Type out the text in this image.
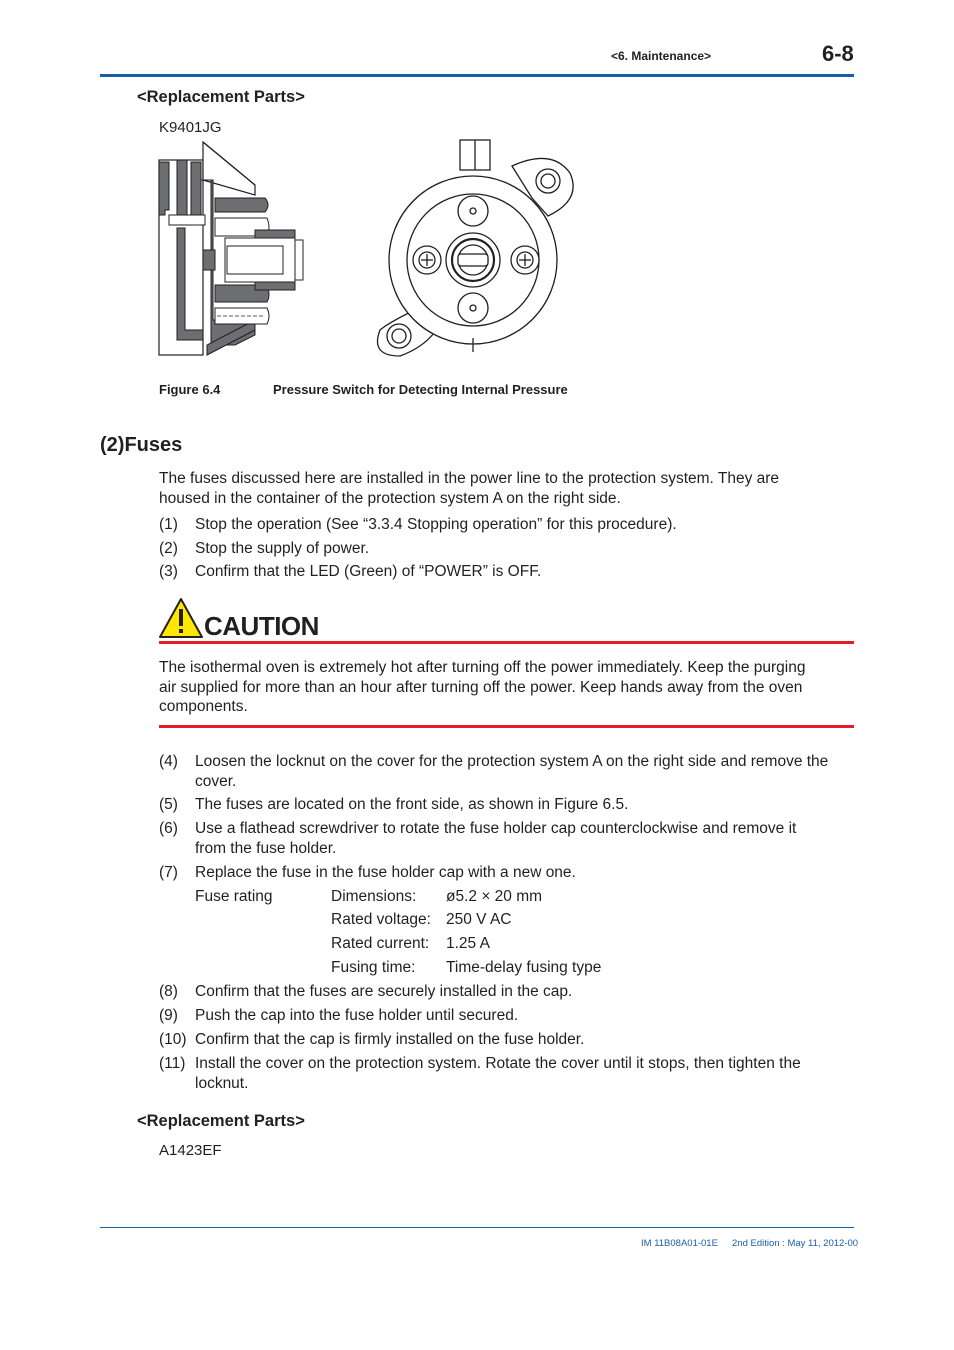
<6. Maintenance>	6-8
<Replacement Parts>
K9401JG
Figure 6.4	Pressure Switch for Detecting Internal Pressure
(2)Fuses
The fuses discussed here are installed in the power line to the protection system. They are
housed in the container of the protection system A on the right side.
(1) Stop the operation (See “3.3.4 Stopping operation” for this procedure).
(2) Stop the supply of power.
(3) Confirm that the LED (Green) of “POWER” is OFF.
CAUTION
The isothermal oven is extremely hot after turning off the power immediately. Keep the purging
air supplied for more than an hour after turning off the power. Keep hands away from the oven
components.
(4) Loosen the locknut on the cover for the protection system A on the right side and remove the
cover.
(5) The fuses are located on the front side, as shown in Figure 6.5.
(6) Use a flathead screwdriver to rotate the fuse holder cap counterclockwise and remove it
from the fuse holder.
(7) Replace the fuse in the fuse holder cap with a new one.
Fuse rating	Dimensions: ø5.2 × 20 mm
Rated voltage: 250 V AC
Rated current: 1.25 A
Fusing time: Time-delay fusing type
(8) Confirm that the fuses are securely installed in the cap.
(9) Push the cap into the fuse holder until secured.
(10) Confirm that the cap is firmly installed on the fuse holder.
(11) Install the cover on the protection system. Rotate the cover until it stops, then tighten the
locknut.
<Replacement Parts>
A1423EF
IM 11B08A01-01E 2nd Edition : May 11, 2012-00
